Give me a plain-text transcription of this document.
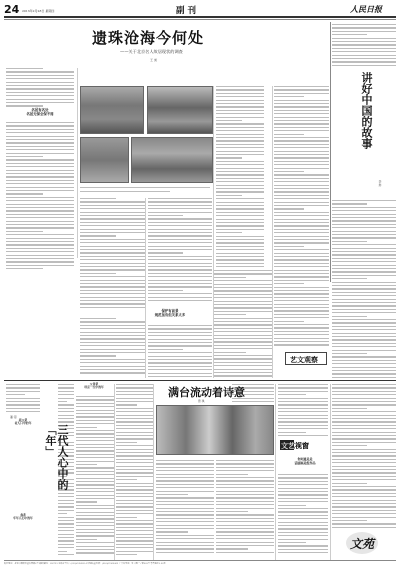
24 2013年2月28日 星期四	副 刊	人民日报
遗珠沧海今何处
——关于北京名人故居现状的调查
王 昶
名居有名处
名居无保全保不周
保护有前景
规范虽有但关系太多
讲好中国的故事
李 舫
艺文观察
三代人心中的「年」
潘 翎
祖父辈
老人口中的年
父母辈
母亲一生中的年
我辈
年年人心中的年
满台流动着诗意
曾 琪
文艺视窗
你知道是是
话剧展是组作品
文苑
报社地址：北京市朝阳区金台西路2号 邮政编码：100733 电话查号台：(010)65368114 印刷质量监督：(010)65369463 广告许可证：京工商广字第003号 零售每份1.00元
